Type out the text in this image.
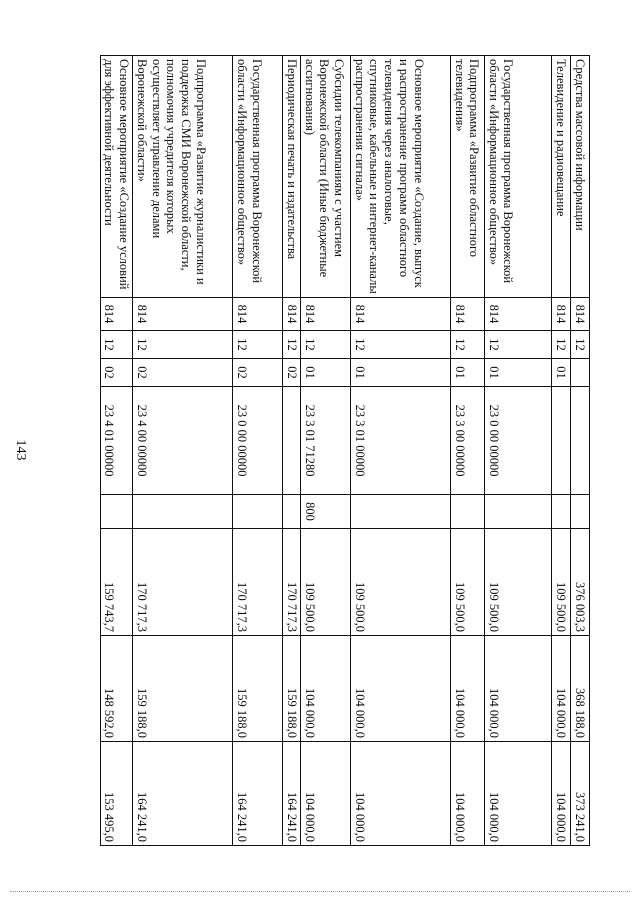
143
Средства массовой информации	814	12				376 003,3	368 188,0	373 241,0
Телевидение и радиовещание	814	12	01			109 500,0	104 000,0	104 000,0
Государственная программа Воронежской области «Информационное общество»	814	12	01	23 0 00 00000		109 500,0	104 000,0	104 000,0
Подпрограмма «Развитие областного телевидения»	814	12	01	23 3 00 00000		109 500,0	104 000,0	104 000,0
Основное мероприятие «Создание, выпуск и распространение программ областного телевидения через аналоговые, спутниковые, кабельные и интернет-каналы распространения сигнала»	814	12	01	23 3 01 00000		109 500,0	104 000,0	104 000,0
Субсидии телекомпаниям с участием Воронежской области (Иные бюджетные ассигнования)	814	12	01	23 3 01 71280	800	109 500,0	104 000,0	104 000,0
Периодическая печать и издательства	814	12	02			170 717,3	159 188,0	164 241,0
Государственная программа Воронежской области «Информационное общество»	814	12	02	23 0 00 00000		170 717,3	159 188,0	164 241,0
Подпрограмма «Развитие журналистики и поддержка СМИ Воронежской области, полномочия учредителя которых осуществляет управление делами Воронежской области»	814	12	02	23 4 00 00000		170 717,3	159 188,0	164 241,0
Основное мероприятие «Создание условий для эффективной деятельности	814	12	02	23 4 01 00000		159 743,7	148 592,0	153 495,0
